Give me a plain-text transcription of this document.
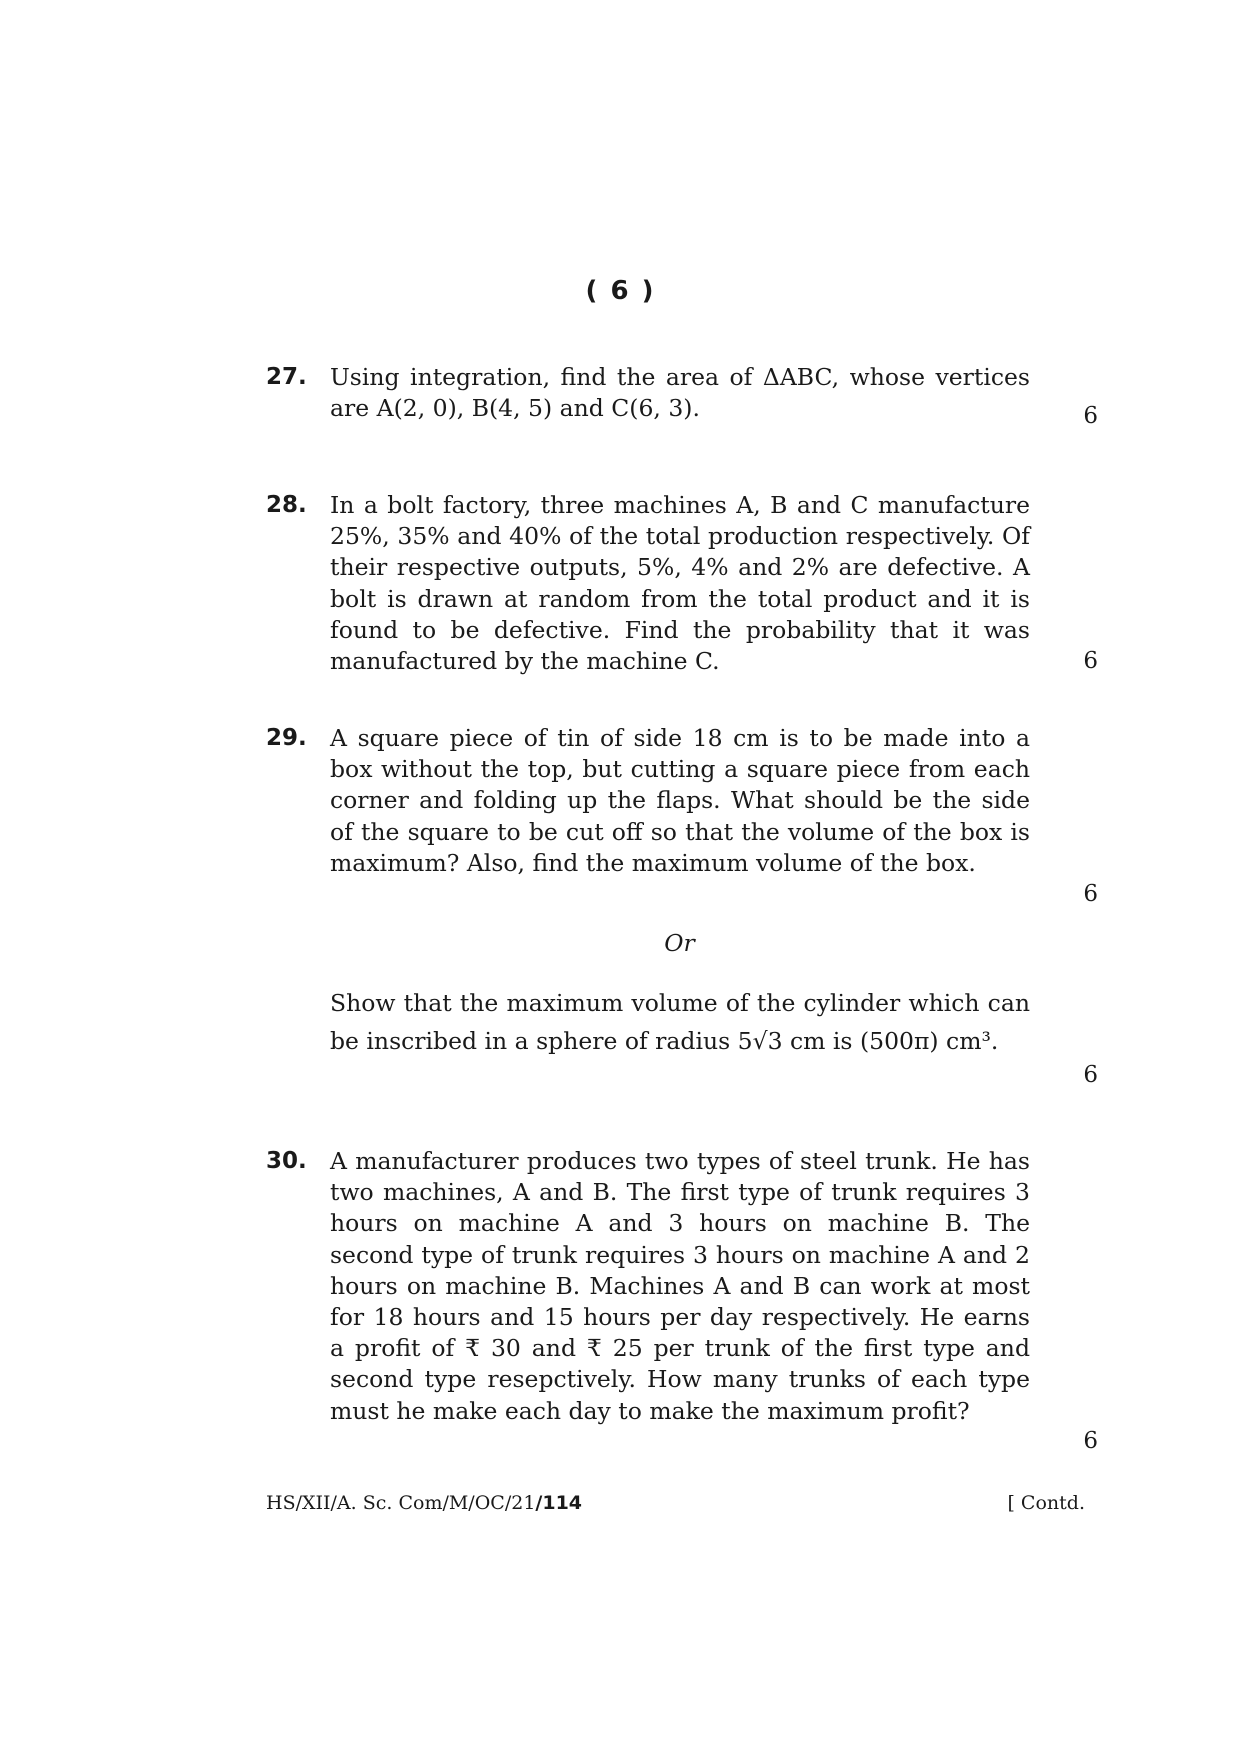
( 6 )
27. Using integration, find the area of ΔABC, whose vertices are A(2, 0), B(4, 5) and C(6, 3).	6
28. In a bolt factory, three machines A, B and C manufacture 25%, 35% and 40% of the total production respectively. Of their respective outputs, 5%, 4% and 2% are defective. A bolt is drawn at random from the total product and it is found to be defective. Find the probability that it was manufactured by the machine C.	6
29. A square piece of tin of side 18 cm is to be made into a box without the top, but cutting a square piece from each corner and folding up the flaps. What should be the side of the square to be cut off so that the volume of the box is maximum? Also, find the maximum volume of the box.
6
Or
Show that the maximum volume of the cylinder which can be inscribed in a sphere of radius 5√3 cm is (500π) cm³.
6
30. A manufacturer produces two types of steel trunk. He has two machines, A and B. The first type of trunk requires 3 hours on machine A and 3 hours on machine B. The second type of trunk requires 3 hours on machine A and 2 hours on machine B. Machines A and B can work at most for 18 hours and 15 hours per day respectively. He earns a profit of ₹ 30 and ₹ 25 per trunk of the first type and second type resepctively. How many trunks of each type must he make each day to make the maximum profit?
6
HS/XII/A. Sc. Com/M/OC/21/114	[ Contd.
